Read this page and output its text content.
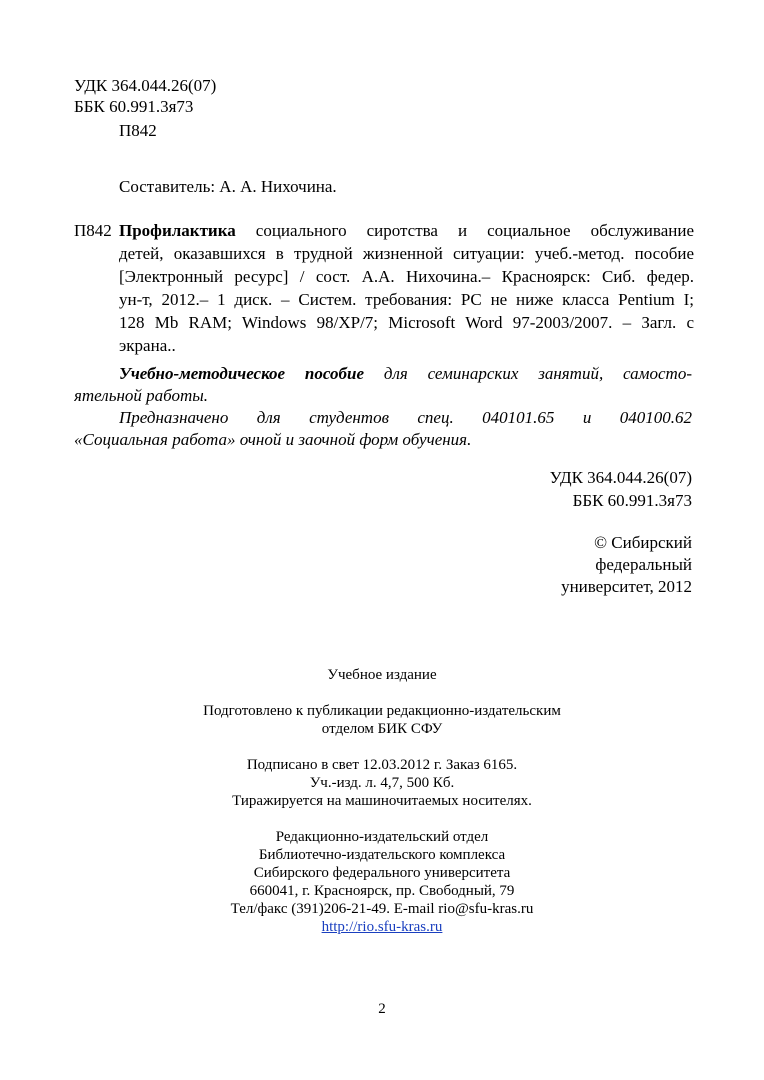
УДК 364.044.26(07)
ББК 60.991.3я73
П842
Составитель: А. А. Нихочина.
П842 Профилактика социального сиротства и социальное обслуживание
детей, оказавшихся в трудной жизненной ситуации: учеб.-метод. пособие
[Электронный ресурс] / сост. А.А. Нихочина.– Красноярск: Сиб. федер.
ун-т, 2012.– 1 диск. – Систем. требования: PC не ниже класса Pentium I;
128 Mb RAM; Windows 98/XP/7; Microsoft Word 97-2003/2007. – Загл. с
экрана..
Учебно-методическое пособие для семинарских занятий, самосто-
ятельной работы.
Предназначено для студентов спец. 040101.65 и 040100.62
«Социальная работа» очной и заочной форм обучения.
УДК 364.044.26(07)
ББК 60.991.3я73
© Сибирский
федеральный
университет, 2012
Учебное издание
Подготовлено к публикации редакционно-издательским
отделом БИК СФУ
Подписано в свет 12.03.2012 г. Заказ 6165.
Уч.-изд. л. 4,7, 500 Кб.
Тиражируется на машиночитаемых носителях.
Редакционно-издательский отдел
Библиотечно-издательского комплекса
Сибирского федерального университета
660041, г. Красноярск, пр. Свободный, 79
Тел/факс (391)206-21-49. E-mail rio@sfu-kras.ru
http://rio.sfu-kras.ru
2
